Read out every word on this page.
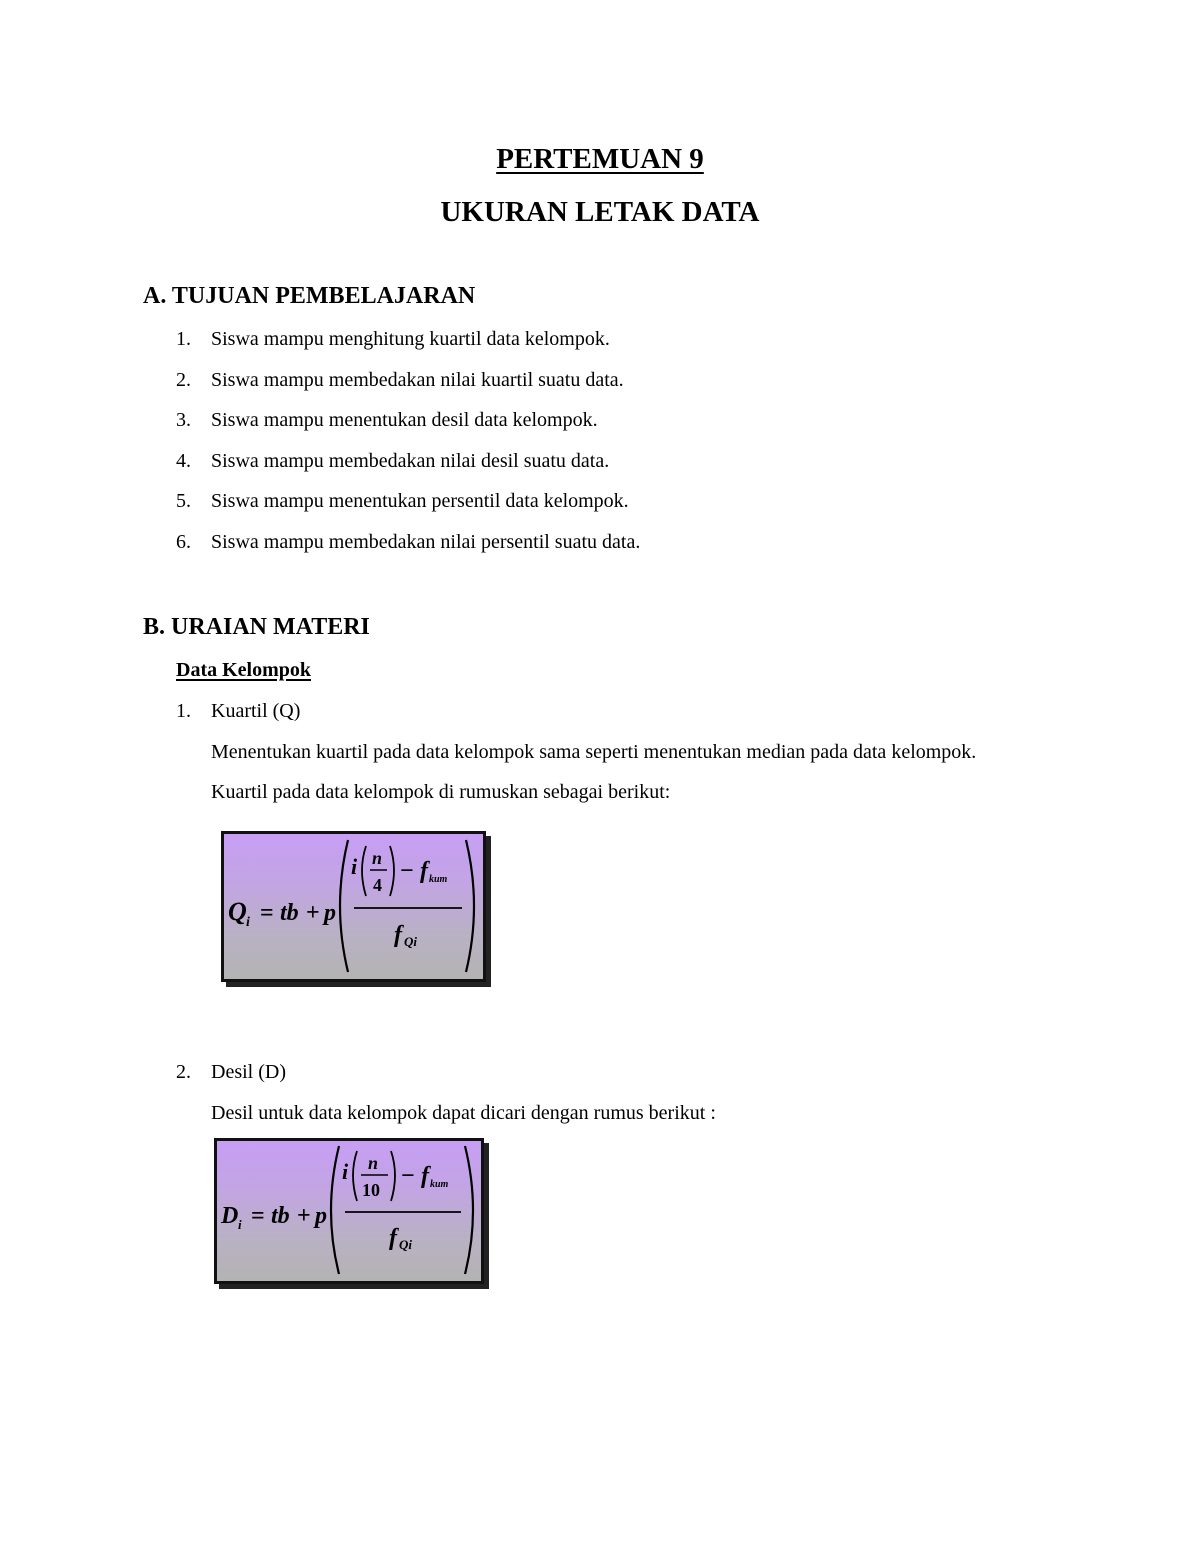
PERTEMUAN 9
UKURAN LETAK DATA
A. TUJUAN PEMBELAJARAN
1. Siswa mampu menghitung kuartil data kelompok.
2. Siswa mampu membedakan nilai kuartil suatu data.
3. Siswa mampu menentukan desil data kelompok.
4. Siswa mampu membedakan nilai desil suatu data.
5. Siswa mampu menentukan persentil data kelompok.
6. Siswa mampu membedakan nilai persentil suatu data.
B. URAIAN MATERI
Data Kelompok
1. Kuartil (Q)
Menentukan kuartil pada data kelompok sama seperti menentukan median pada data kelompok.
Kuartil pada data kelompok di rumuskan sebagai berikut:
Q i = tb + p
i n
4
− f kum
f Qi
2. Desil (D)
Desil untuk data kelompok dapat dicari dengan rumus berikut :
D i = tb + p
i n
10
− f kum
f Qi
